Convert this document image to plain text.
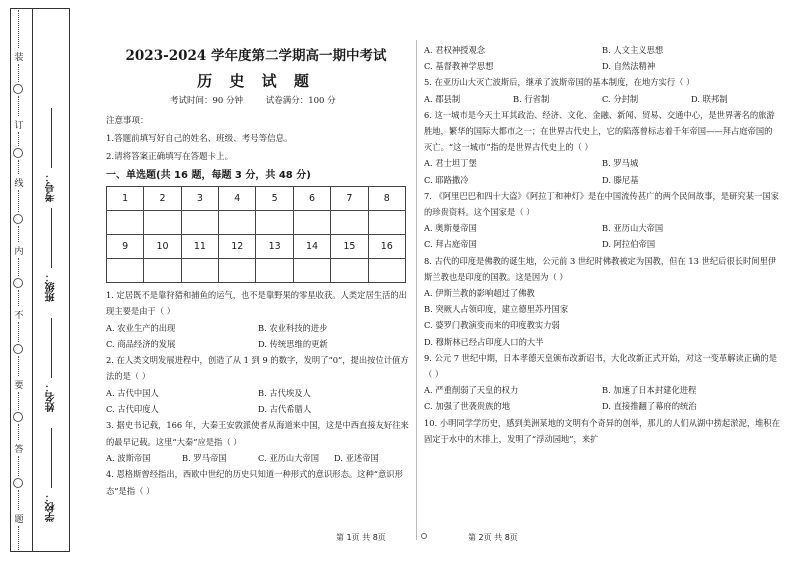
装
订
线
内
不
要
答
题
考号：
班级：
姓名：
学校：
2023-2024 学年度第二学期高一期中考试
历 史 试 题
考试时间：90 分钟	试卷满分：100 分
注意事项：
1.答题前填写好自己的姓名、班级、考号等信息。
2.请将答案正确填写在答题卡上。
一、单选题(共 16 题，每题 3 分，共 48 分)
1	2	3	4	5	6	7	8

9	10	11	12	13	14	15	16

1. 定居既不是靠狩猎和捕鱼的运气，也不是靠野果的零星收获。人类定居生活的出现主要是由于（ ）
A. 农业生产的出现	B. 农业科技的进步
C. 商品经济的发展	D. 传统思维的更新
2. 在人类文明发展进程中，创造了从 1 到 9 的数字，发明了“0”，提出按位计值方法的是（ ）
A. 古代中国人	B. 古代埃及人
C. 古代印度人	D. 古代希腊人
3. 据史书记载，166 年，大秦王安敦派使者从海道来中国，这是中西直接友好往来的最早记载。这里“大秦”应是指（ ）
A. 波斯帝国	B. 罗马帝国	C. 亚历山大帝国	D. 亚述帝国
4. 恩格斯曾经指出，西欧中世纪的历史只知道一种形式的意识形态。这种“意识形态”是指（ ）
第 1页 共 8页
A. 君权神授观念	B. 人文主义思想
C. 基督教神学思想	D. 自然法精神
5. 在亚历山大灭亡波斯后，继承了波斯帝国的基本制度，在地方实行（ ）
A. 郡县制	B. 行省制	C. 分封制	D. 联邦制
6. 这一城市是今天土耳其政治、经济、文化、金融、新闻、贸易、交通中心，是世界著名的旅游胜地，繁华的国际大都市之一；在世界古代史上，它的陷落曾标志着千年帝国——拜占庭帝国的灭亡。“这一城市”指的是世界古代史上的（ ）
A. 君士坦丁堡	B. 罗马城
C. 耶路撒冷	D. 滕尼基
7. 《阿里巴巴和四十大盗》《阿拉丁和神灯》是在中国流传甚广的两个民间故事，是研究某一国家的珍贵资料。这个国家是（ ）
A. 奥斯曼帝国	B. 亚历山大帝国
C. 拜占庭帝国	D. 阿拉伯帝国
8. 古代的印度是佛教的诞生地，公元前 3 世纪时佛教被定为国教，但在 13 世纪后很长时间里伊斯兰教也是印度的国教。这是因为（ ）
A. 伊斯兰教的影响超过了佛教
B. 突厥人占领印度，建立德里苏丹国家
C. 婆罗门教演变而来的印度教实力弱
D. 穆斯林已经占印度人口的大半
9. 公元 7 世纪中期，日本孝德天皇颁布改新诏书，大化改新正式开始，对这一变革解读正确的是（ ）
A. 严重削弱了天皇的权力	B. 加速了日本封建化进程
C. 加强了世袭贵族的地	D. 直接推翻了幕府的统治
10. 小明同学学历史，感到美洲某地的文明有个奇异的创举，那儿的人们从湖中捞起淤泥，堆积在固定于水中的木排上，发明了“浮动园地”，来扩
第 2页 共 8页
